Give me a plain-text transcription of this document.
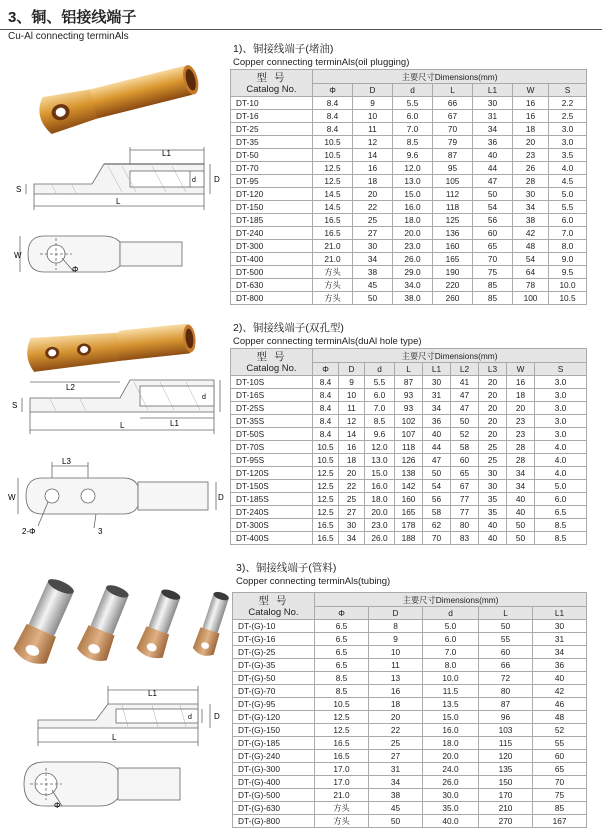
3、铜、铝接线端子
Cu-Al connecting terminAls
L1
L
S
D
d
W
Φ
1)、铜接线端子(堵油)
Copper connecting terminAls(oil plugging)
型 号
Catalog No.	主要尺寸Dimensions(mm)						
	Φ	D	d	L	L1	W	S
DT-10	8.4	9	5.5	66	30	16	2.2
DT-16	8.4	10	6.0	67	31	16	2.5
DT-25	8.4	11	7.0	70	34	18	3.0
DT-35	10.5	12	8.5	79	36	20	3.0
DT-50	10.5	14	9.6	87	40	23	3.5
DT-70	12.5	16	12.0	95	44	26	4.0
DT-95	12.5	18	13.0	105	47	28	4.5
DT-120	14.5	20	15.0	112	50	30	5.0
DT-150	14.5	22	16.0	118	54	34	5.5
DT-185	16.5	25	18.0	125	56	38	6.0
DT-240	16.5	27	20.0	136	60	42	7.0
DT-300	21.0	30	23.0	160	65	48	8.0
DT-400	21.0	34	26.0	165	70	54	9.0
DT-500	方头	38	29.0	190	75	64	9.5
DT-630	方头	45	34.0	220	85	78	10.0
DT-800	方头	50	38.0	260	85	100	10.5
L2
L1
L
S
d
L3
D
W
2-Φ	3
2)、铜接线端子(双孔型)
Copper connecting terminAls(duAl hole type)
型 号
Catalog No.	主要尺寸Dimensions(mm)								
	Φ	D	d	L	L1	L2	L3	W	S
DT-10S	8.4	9	5.5	87	30	41	20	16	3.0
DT-16S	8.4	10	6.0	93	31	47	20	18	3.0
DT-25S	8.4	11	7.0	93	34	47	20	20	3.0
DT-35S	8.4	12	8.5	102	36	50	20	23	3.0
DT-50S	8.4	14	9.6	107	40	52	20	23	3.0
DT-70S	10.5	16	12.0	118	44	58	25	28	4.0
DT-95S	10.5	18	13.0	126	47	60	25	28	4.0
DT-120S	12.5	20	15.0	138	50	65	30	34	4.0
DT-150S	12.5	22	16.0	142	54	67	30	34	5.0
DT-185S	12.5	25	18.0	160	56	77	35	40	6.0
DT-240S	12.5	27	20.0	165	58	77	35	40	6.5
DT-300S	16.5	30	23.0	178	62	80	40	50	8.5
DT-400S	16.5	34	26.0	188	70	83	40	50	8.5
L1
L
D
d
Φ
3)、铜接线端子(管料)
Copper connecting terminAls(tubing)
型 号
Catalog No.	主要尺寸Dimensions(mm)				
	Φ	D	d	L	L1
DT-(G)-10	6.5	8	5.0	50	30
DT-(G)-16	6.5	9	6.0	55	31
DT-(G)-25	6.5	10	7.0	60	34
DT-(G)-35	6.5	11	8.0	66	36
DT-(G)-50	8.5	13	10.0	72	40
DT-(G)-70	8.5	16	11.5	80	42
DT-(G)-95	10.5	18	13.5	87	46
DT-(G)-120	12.5	20	15.0	96	48
DT-(G)-150	12.5	22	16.0	103	52
DT-(G)-185	16.5	25	18.0	115	55
DT-(G)-240	16.5	27	20.0	120	60
DT-(G)-300	17.0	31	24.0	135	65
DT-(G)-400	17.0	34	26.0	150	70
DT-(G)-500	21.0	38	30.0	170	75
DT-(G)-630	方头	45	35.0	210	85
DT-(G)-800	方头	50	40.0	270	167
